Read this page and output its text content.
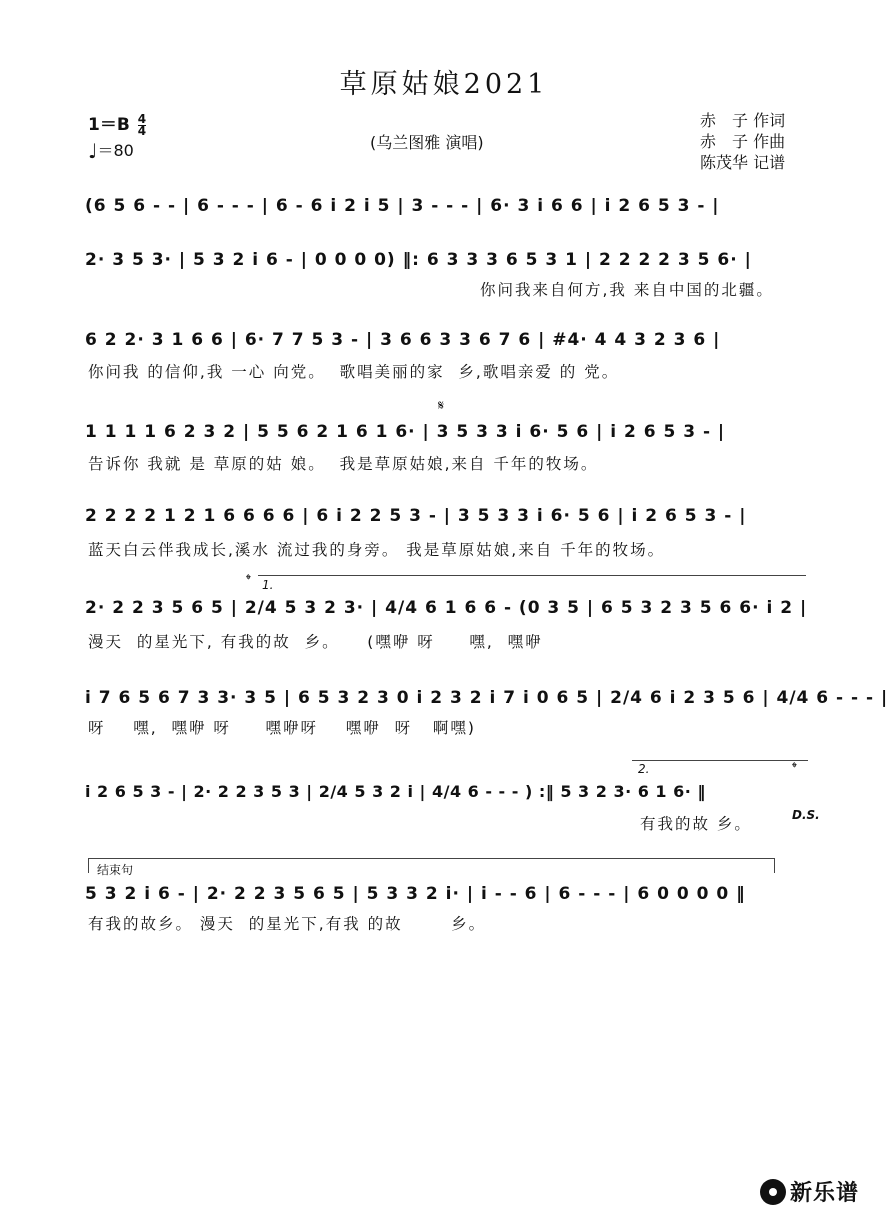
草原姑娘2021
$1=B \frac{4}{4}$
♩＝80	(乌兰图雅 演唱)
赤　子 作词
赤　子 作曲
陈茂华 记谱
(6 5 6 - - | 6 - - - | 6 - 6 i 2 i 5 | 3 - - - | 6· 3 i 6 6 | i 2 6 5 3 - |
2· 3 5 3· | 5 3 2 i 6 - | 0 0 0 0) ‖: 6 3 3 3 6 5 3 1 | 2 2 2 2 3 5 6· |
你问我来自何方,我 来自中国的北疆。
6 2 2· 3 1 6 6 | 6· 7 7 5 3 - | 3 6 6 3 3 6 7 6 | #4· 4 4 3 2 3 6 |
你问我 的信仰,我 一心 向党。  歌唱美丽的家  乡,歌唱亲爱 的 党。
𝄋
1 1 1 1 6 2 3 2 | 5 5 6 2 1 6 1 6· | 3 5 3 3 i 6· 5 6 | i 2 6 5 3 - |
告诉你 我就 是 草原的姑 娘。  我是草原姑娘,来自 千年的牧场。
2 2 2 2 1 2 1 6 6 6 6 | 6 i 2 2 5 3 - | 3 5 3 3 i 6· 5 6 | i 2 6 5 3 - |
蓝天白云伴我成长,溪水 流过我的身旁。 我是草原姑娘,来自 千年的牧场。
𝄌 1.
2· 2 2 3 5 6 5 | 2/4 5 3 2 3· | 4/4 6 1 6 6 - (0 3 5 | 6 5 3 2 3 5 6 6· i 2 |
漫天  的星光下, 有我的故  乡。    (嘿咿 呀     嘿,  嘿咿
i 7 6 5 6 7 3 3· 3 5 | 6 5 3 2 3 0 i 2 3 2 i 7 i 0 6 5 | 2/4 6 i 2 3 5 6 | 4/4 6 - - - |
呀    嘿,  嘿咿 呀     嘿咿呀    嘿咿  呀   啊嘿)
2.	𝄌
i 2 6 5 3 - | 2· 2 2 3 5 3 | 2/4 5 3 2 i | 4/4 6 - - - ) :‖ 5 3 2 3· 6 1 6· ‖
有我的故 乡。	D.S.
结束句
5 3 2 i 6 - | 2· 2 2 3 5 6 5 | 5 3 3 2 i· | i - - 6 | 6 - - - | 6 0 0 0 0 ‖
有我的故乡。 漫天  的星光下,有我 的故       乡。
新乐谱
